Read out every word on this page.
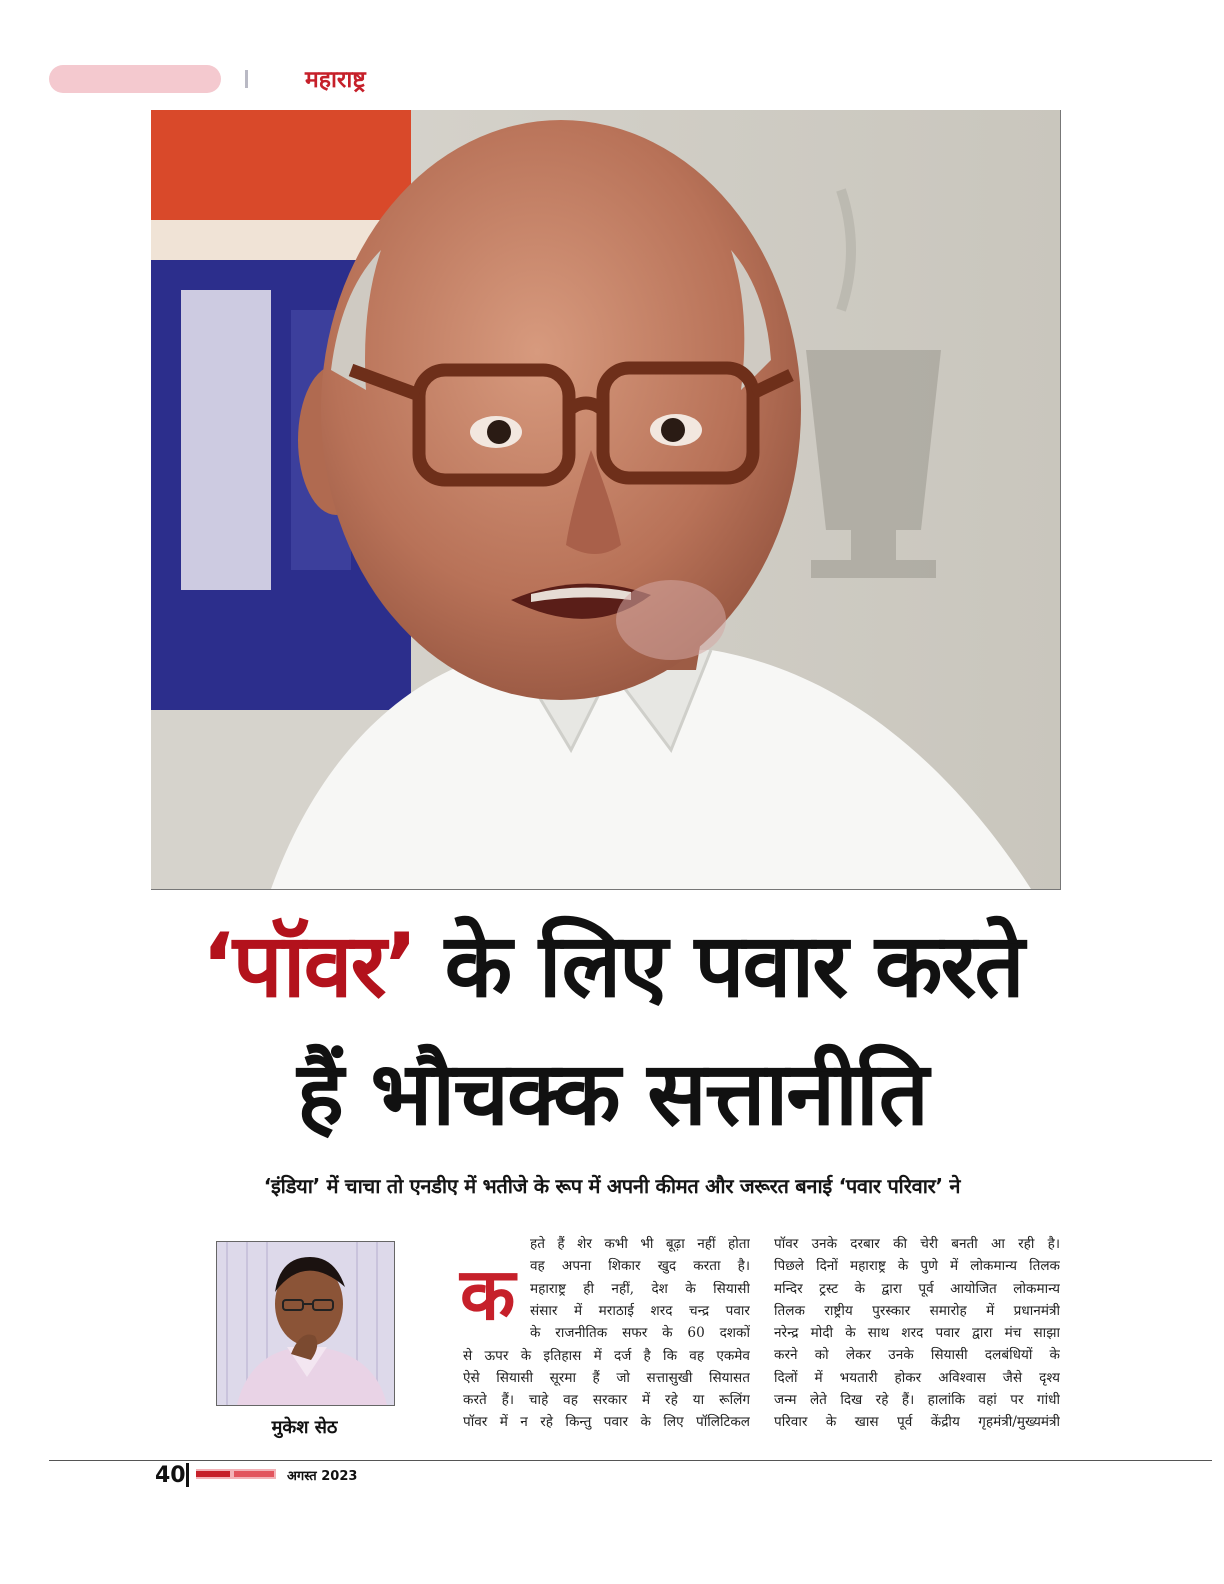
महाराष्ट्र
‘पॉवर’ के लिए पवार करते
हैं भौचक्क सत्तानीति
‘इंडिया’ में चाचा तो एनडीए में भतीजे के रूप में अपनी कीमत और जरूरत बनाई ‘पवार परिवार’ ने
मुकेश सेठ
क
हते हैं शेर कभी भी बूढ़ा नहीं होता
वह अपना शिकार खुद करता है।
महाराष्ट्र ही नहीं, देश के सियासी
संसार में मराठाई शरद चन्द्र पवार
के राजनीतिक सफर के 60 दशकों
से ऊपर के इतिहास में दर्ज है कि वह एकमेव
ऐसे सियासी सूरमा हैं जो सत्तासुखी सियासत
करते हैं। चाहे वह सरकार में रहे या रूलिंग
पॉवर में न रहे किन्तु पवार के लिए पॉलिटिकल
पॉवर उनके दरबार की चेरी बनती आ रही है।
पिछले दिनों महाराष्ट्र के पुणे में लोकमान्य तिलक
मन्दिर ट्रस्ट के द्वारा पूर्व आयोजित लोकमान्य
तिलक राष्ट्रीय पुरस्कार समारोह में प्रधानमंत्री
नरेन्द्र मोदी के साथ शरद पवार द्वारा मंच साझा
करने को लेकर उनके सियासी दलबंधियों के
दिलों में भयतारी होकर अविश्वास जैसे दृश्य
जन्म लेते दिख रहे हैं। हालांकि वहां पर गांधी
परिवार के खास पूर्व केंद्रीय गृहमंत्री/मुख्यमंत्री
40	अगस्त 2023
